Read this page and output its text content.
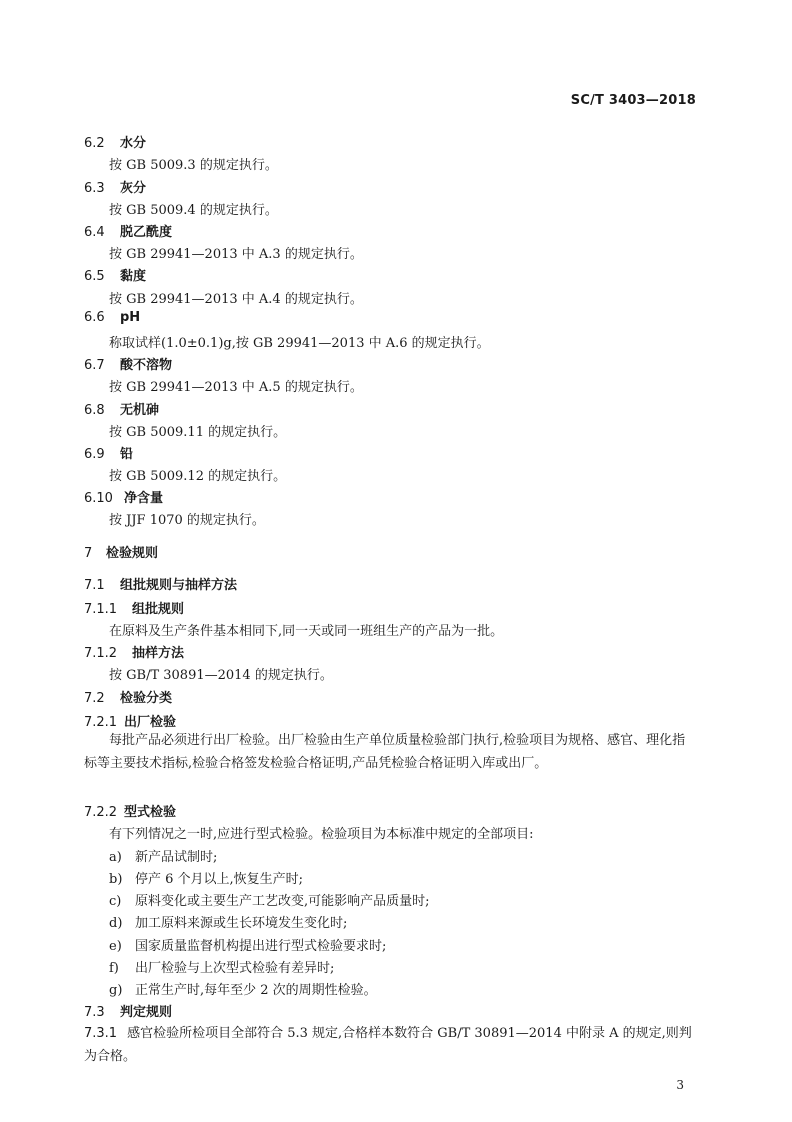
SC/T 3403—2018
6.2 水分
按 GB 5009.3 的规定执行。
6.3 灰分
按 GB 5009.4 的规定执行。
6.4 脱乙酰度
按 GB 29941—2013 中 A.3 的规定执行。
6.5 黏度
按 GB 29941—2013 中 A.4 的规定执行。
6.6 pH
称取试样(1.0±0.1)g,按 GB 29941—2013 中 A.6 的规定执行。
6.7 酸不溶物
按 GB 29941—2013 中 A.5 的规定执行。
6.8 无机砷
按 GB 5009.11 的规定执行。
6.9 铅
按 GB 5009.12 的规定执行。
6.10 净含量
按 JJF 1070 的规定执行。
7 检验规则
7.1 组批规则与抽样方法
7.1.1 组批规则
在原料及生产条件基本相同下,同一天或同一班组生产的产品为一批。
7.1.2 抽样方法
按 GB/T 30891—2014 的规定执行。
7.2 检验分类
7.2.1 出厂检验
每批产品必须进行出厂检验。出厂检验由生产单位质量检验部门执行,检验项目为规格、感官、理化指标等主要技术指标,检验合格签发检验合格证明,产品凭检验合格证明入库或出厂。
7.2.2 型式检验
有下列情况之一时,应进行型式检验。检验项目为本标准中规定的全部项目:
a) 新产品试制时;
b) 停产 6 个月以上,恢复生产时;
c) 原料变化或主要生产工艺改变,可能影响产品质量时;
d) 加工原料来源或生长环境发生变化时;
e) 国家质量监督机构提出进行型式检验要求时;
f) 出厂检验与上次型式检验有差异时;
g) 正常生产时,每年至少 2 次的周期性检验。
7.3 判定规则
7.3.1 感官检验所检项目全部符合 5.3 规定,合格样本数符合 GB/T 30891—2014 中附录 A 的规定,则判为合格。
3
